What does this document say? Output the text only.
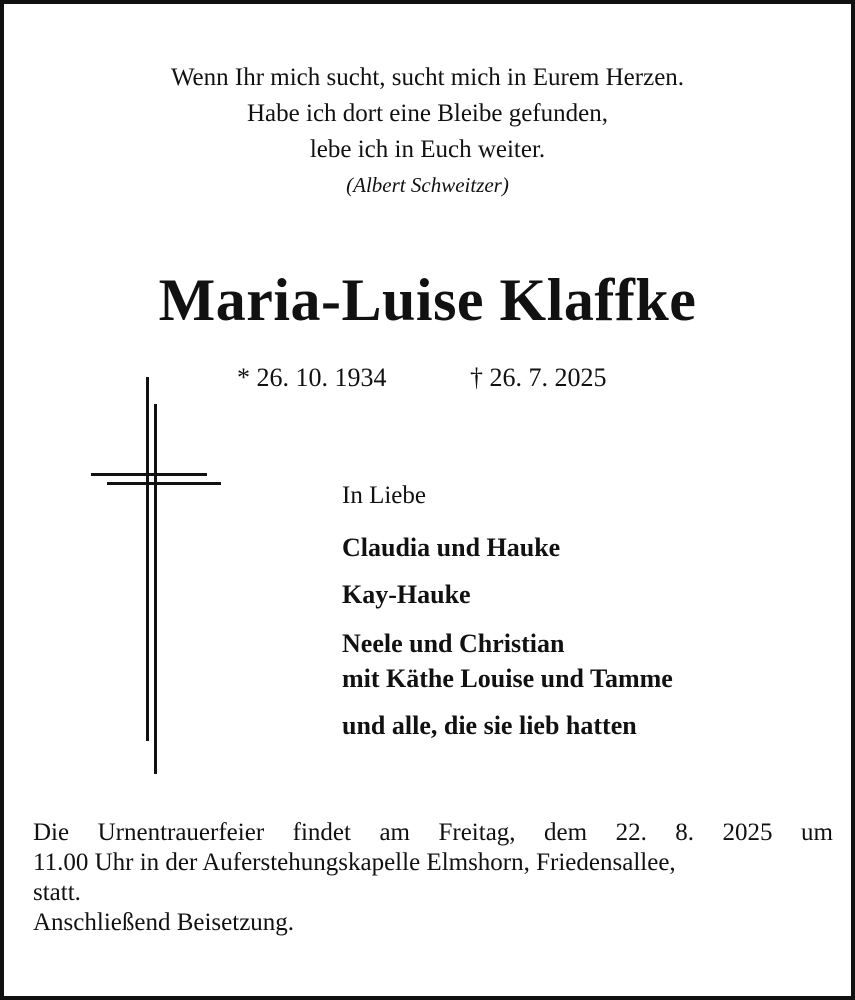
Wenn Ihr mich sucht, sucht mich in Eurem Herzen.
Habe ich dort eine Bleibe gefunden,
lebe ich in Euch weiter.
(Albert Schweitzer)
Maria-Luise Klaffke
* 26. 10. 1934	† 26. 7. 2025
In Liebe
Claudia und Hauke
Kay-Hauke
Neele und Christian
mit Käthe Louise und Tamme
und alle, die sie lieb hatten
Die Urnentrauerfeier findet am Freitag, dem 22. 8. 2025 um
11.00 Uhr in der Auferstehungskapelle Elmshorn, Friedensallee,
statt.
Anschließend Beisetzung.
